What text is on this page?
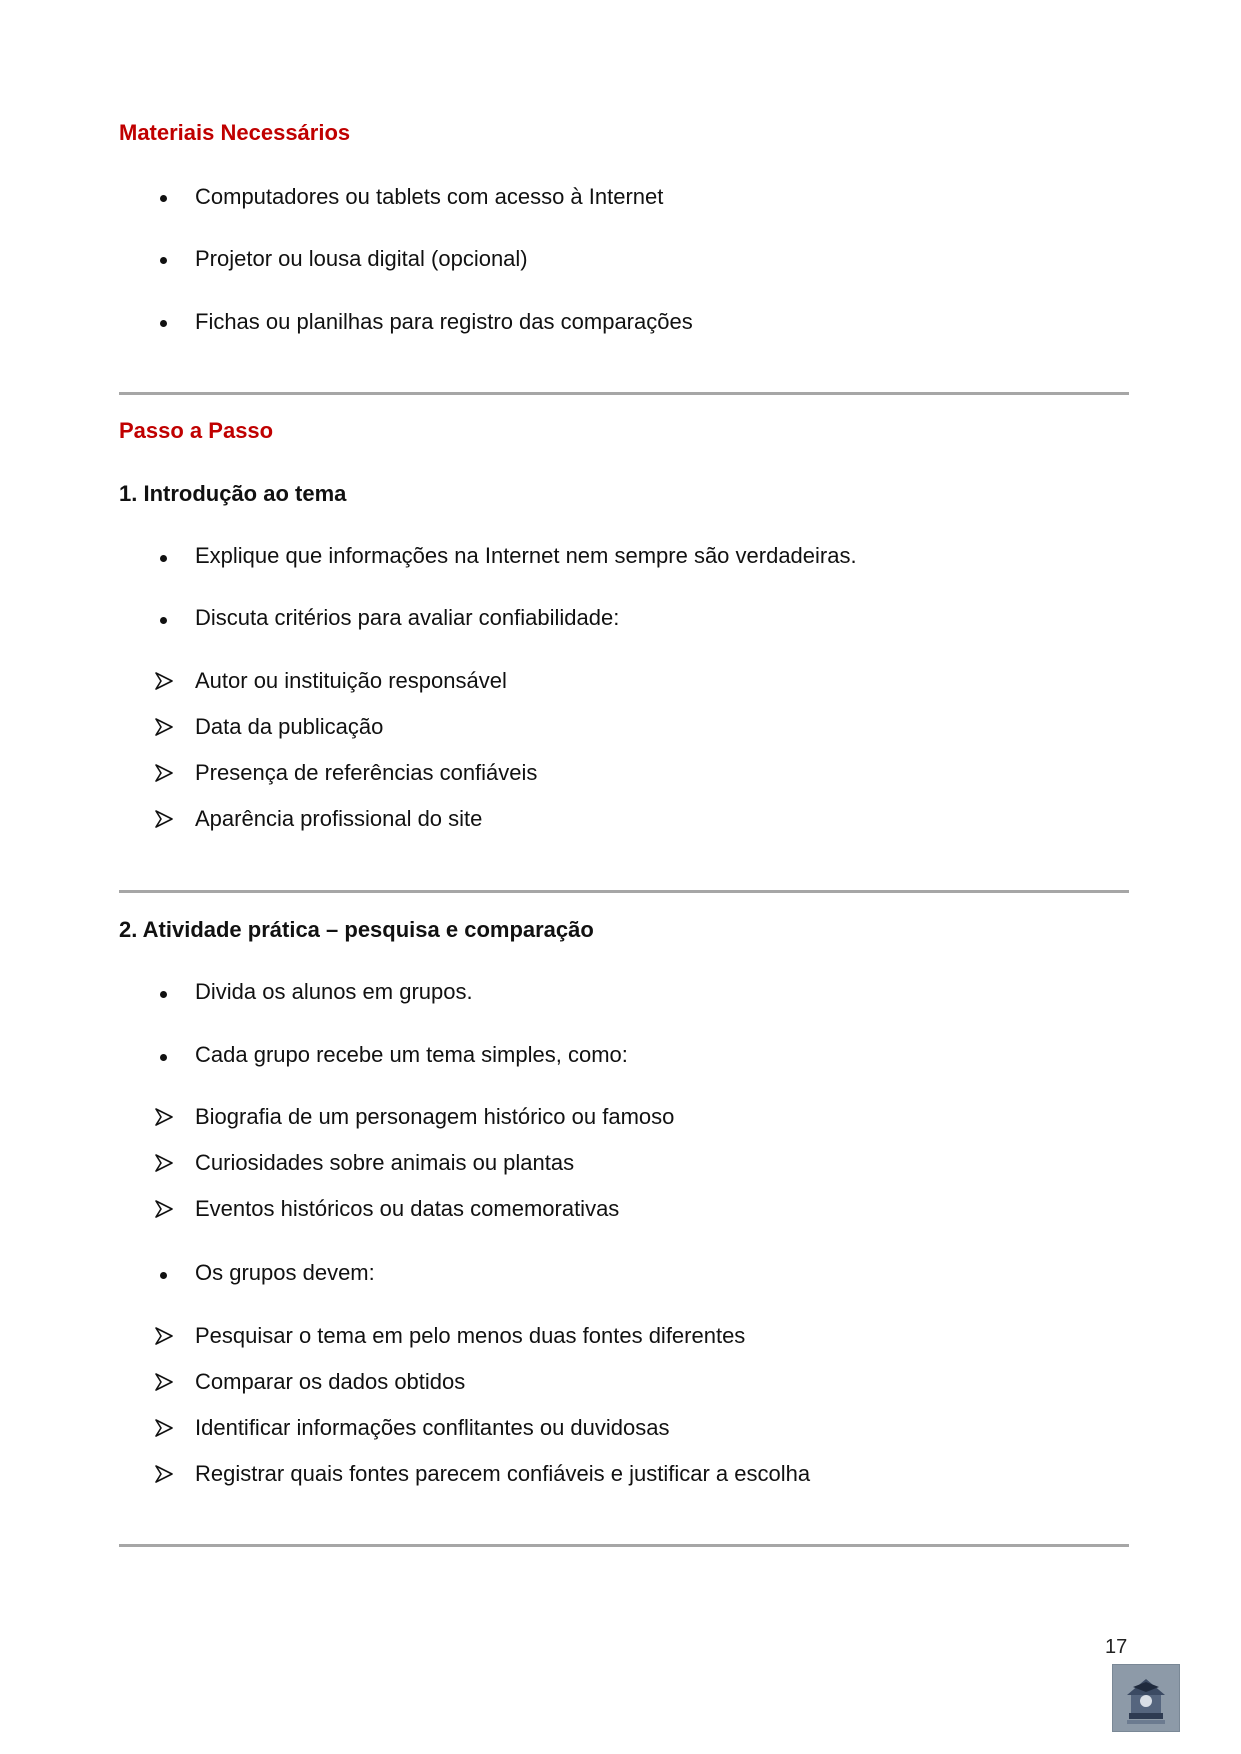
Materiais Necessários
Computadores ou tablets com acesso à Internet
Projetor ou lousa digital (opcional)
Fichas ou planilhas para registro das comparações
Passo a Passo
1. Introdução ao tema
Explique que informações na Internet nem sempre são verdadeiras.
Discuta critérios para avaliar confiabilidade:
Autor ou instituição responsável
Data da publicação
Presença de referências confiáveis
Aparência profissional do site
2. Atividade prática – pesquisa e comparação
Divida os alunos em grupos.
Cada grupo recebe um tema simples, como:
Biografia de um personagem histórico ou famoso
Curiosidades sobre animais ou plantas
Eventos históricos ou datas comemorativas
Os grupos devem:
Pesquisar o tema em pelo menos duas fontes diferentes
Comparar os dados obtidos
Identificar informações conflitantes ou duvidosas
Registrar quais fontes parecem confiáveis e justificar a escolha
17
